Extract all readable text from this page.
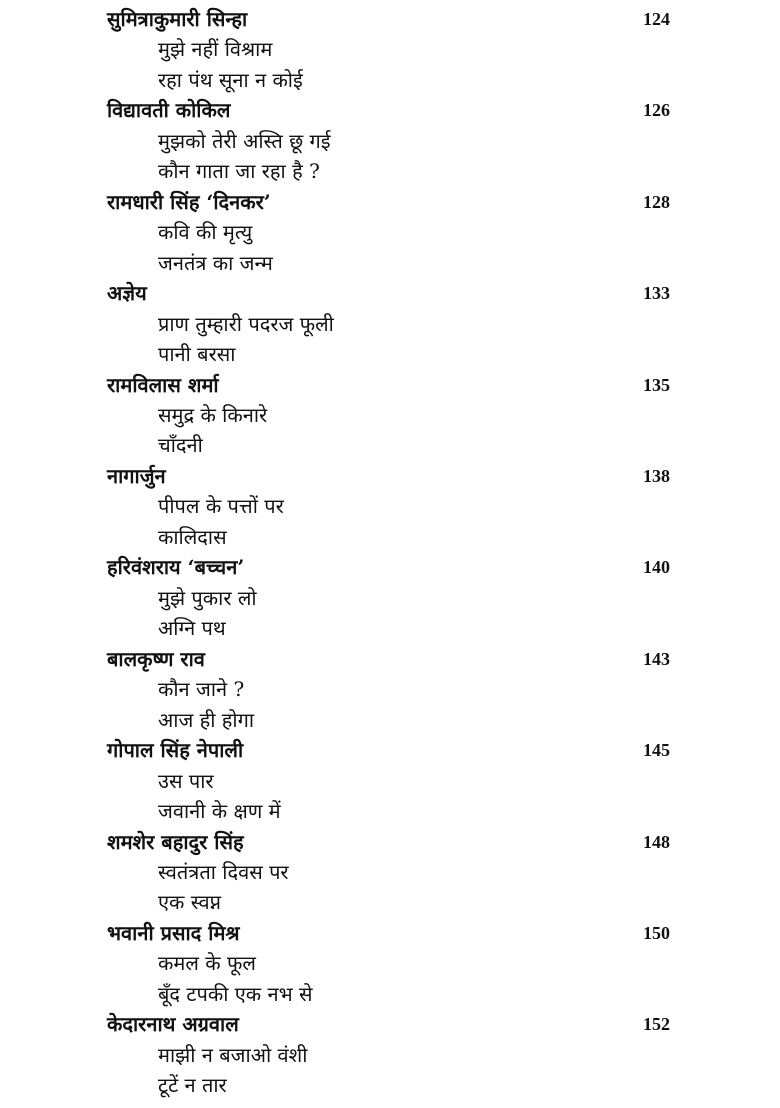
सुमित्राकुमारी सिन्हा	124
मुझे नहीं विश्राम
रहा पंथ सूना न कोई
विद्यावती कोकिल	126
मुझको तेरी अस्ति छू गई
कौन गाता जा रहा है ?
रामधारी सिंह ‘दिनकर’	128
कवि की मृत्यु
जनतंत्र का जन्म
अज्ञेय	133
प्राण तुम्हारी पदरज फूली
पानी बरसा
रामविलास शर्मा	135
समुद्र के किनारे
चाँदनी
नागार्जुन	138
पीपल के पत्तों पर
कालिदास
हरिवंशराय ‘बच्चन’	140
मुझे पुकार लो
अग्नि पथ
बालकृष्ण राव	143
कौन जाने ?
आज ही होगा
गोपाल सिंह नेपाली	145
उस पार
जवानी के क्षण में
शमशेर बहादुर सिंह	148
स्वतंत्रता दिवस पर
एक स्वप्न
भवानी प्रसाद मिश्र	150
कमल के फूल
बूँद टपकी एक नभ से
केदारनाथ अग्रवाल	152
माझी न बजाओ वंशी
टूटें न तार
